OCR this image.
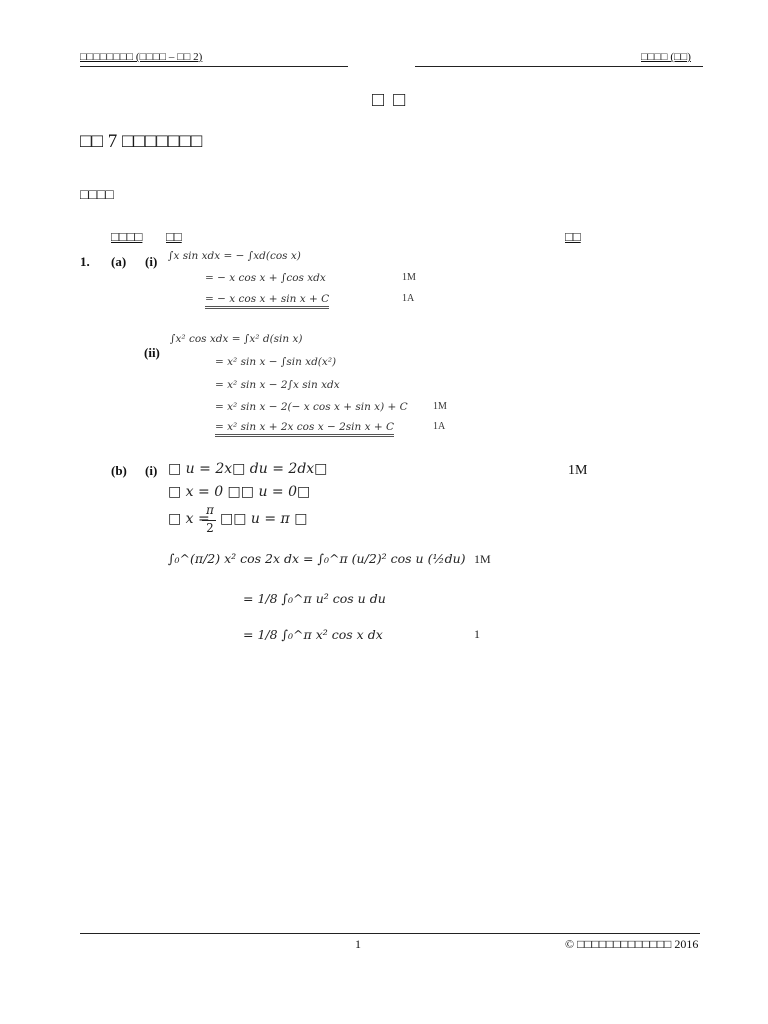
□□□□□□□□ (□□□□ – □□ 2)	□□□□ (□□)
□ □
□□ 7 □□□□□□□
□□□□
□□□□ □□	□□
1. (a) (i) ∫x sin xdx = − ∫xd(cos x)
= − x cos x + ∫cos xdx	1M
= − x cos x + sin x + C	1A
(ii)
∫x² cos xdx = ∫x² d(sin x)
= x² sin x − ∫sin xd(x²)
= x² sin x − 2∫x sin xdx
= x² sin x − 2(− x cos x + sin x) + C	1M
= x² sin x + 2x cos x − 2sin x + C	1A
(b) (i) □ u = 2x□ du = 2dx□	1M
□ x = 0 □□ u = 0□
□ x =
π
2
□□ u = π □
∫₀^(π/2) x² cos 2x dx = ∫₀^π (u/2)² cos u (½du) 1M
= 1/8 ∫₀^π u² cos u du
= 1/8 ∫₀^π x² cos x dx	1
1	© □□□□□□□□□□□□□ 2016
